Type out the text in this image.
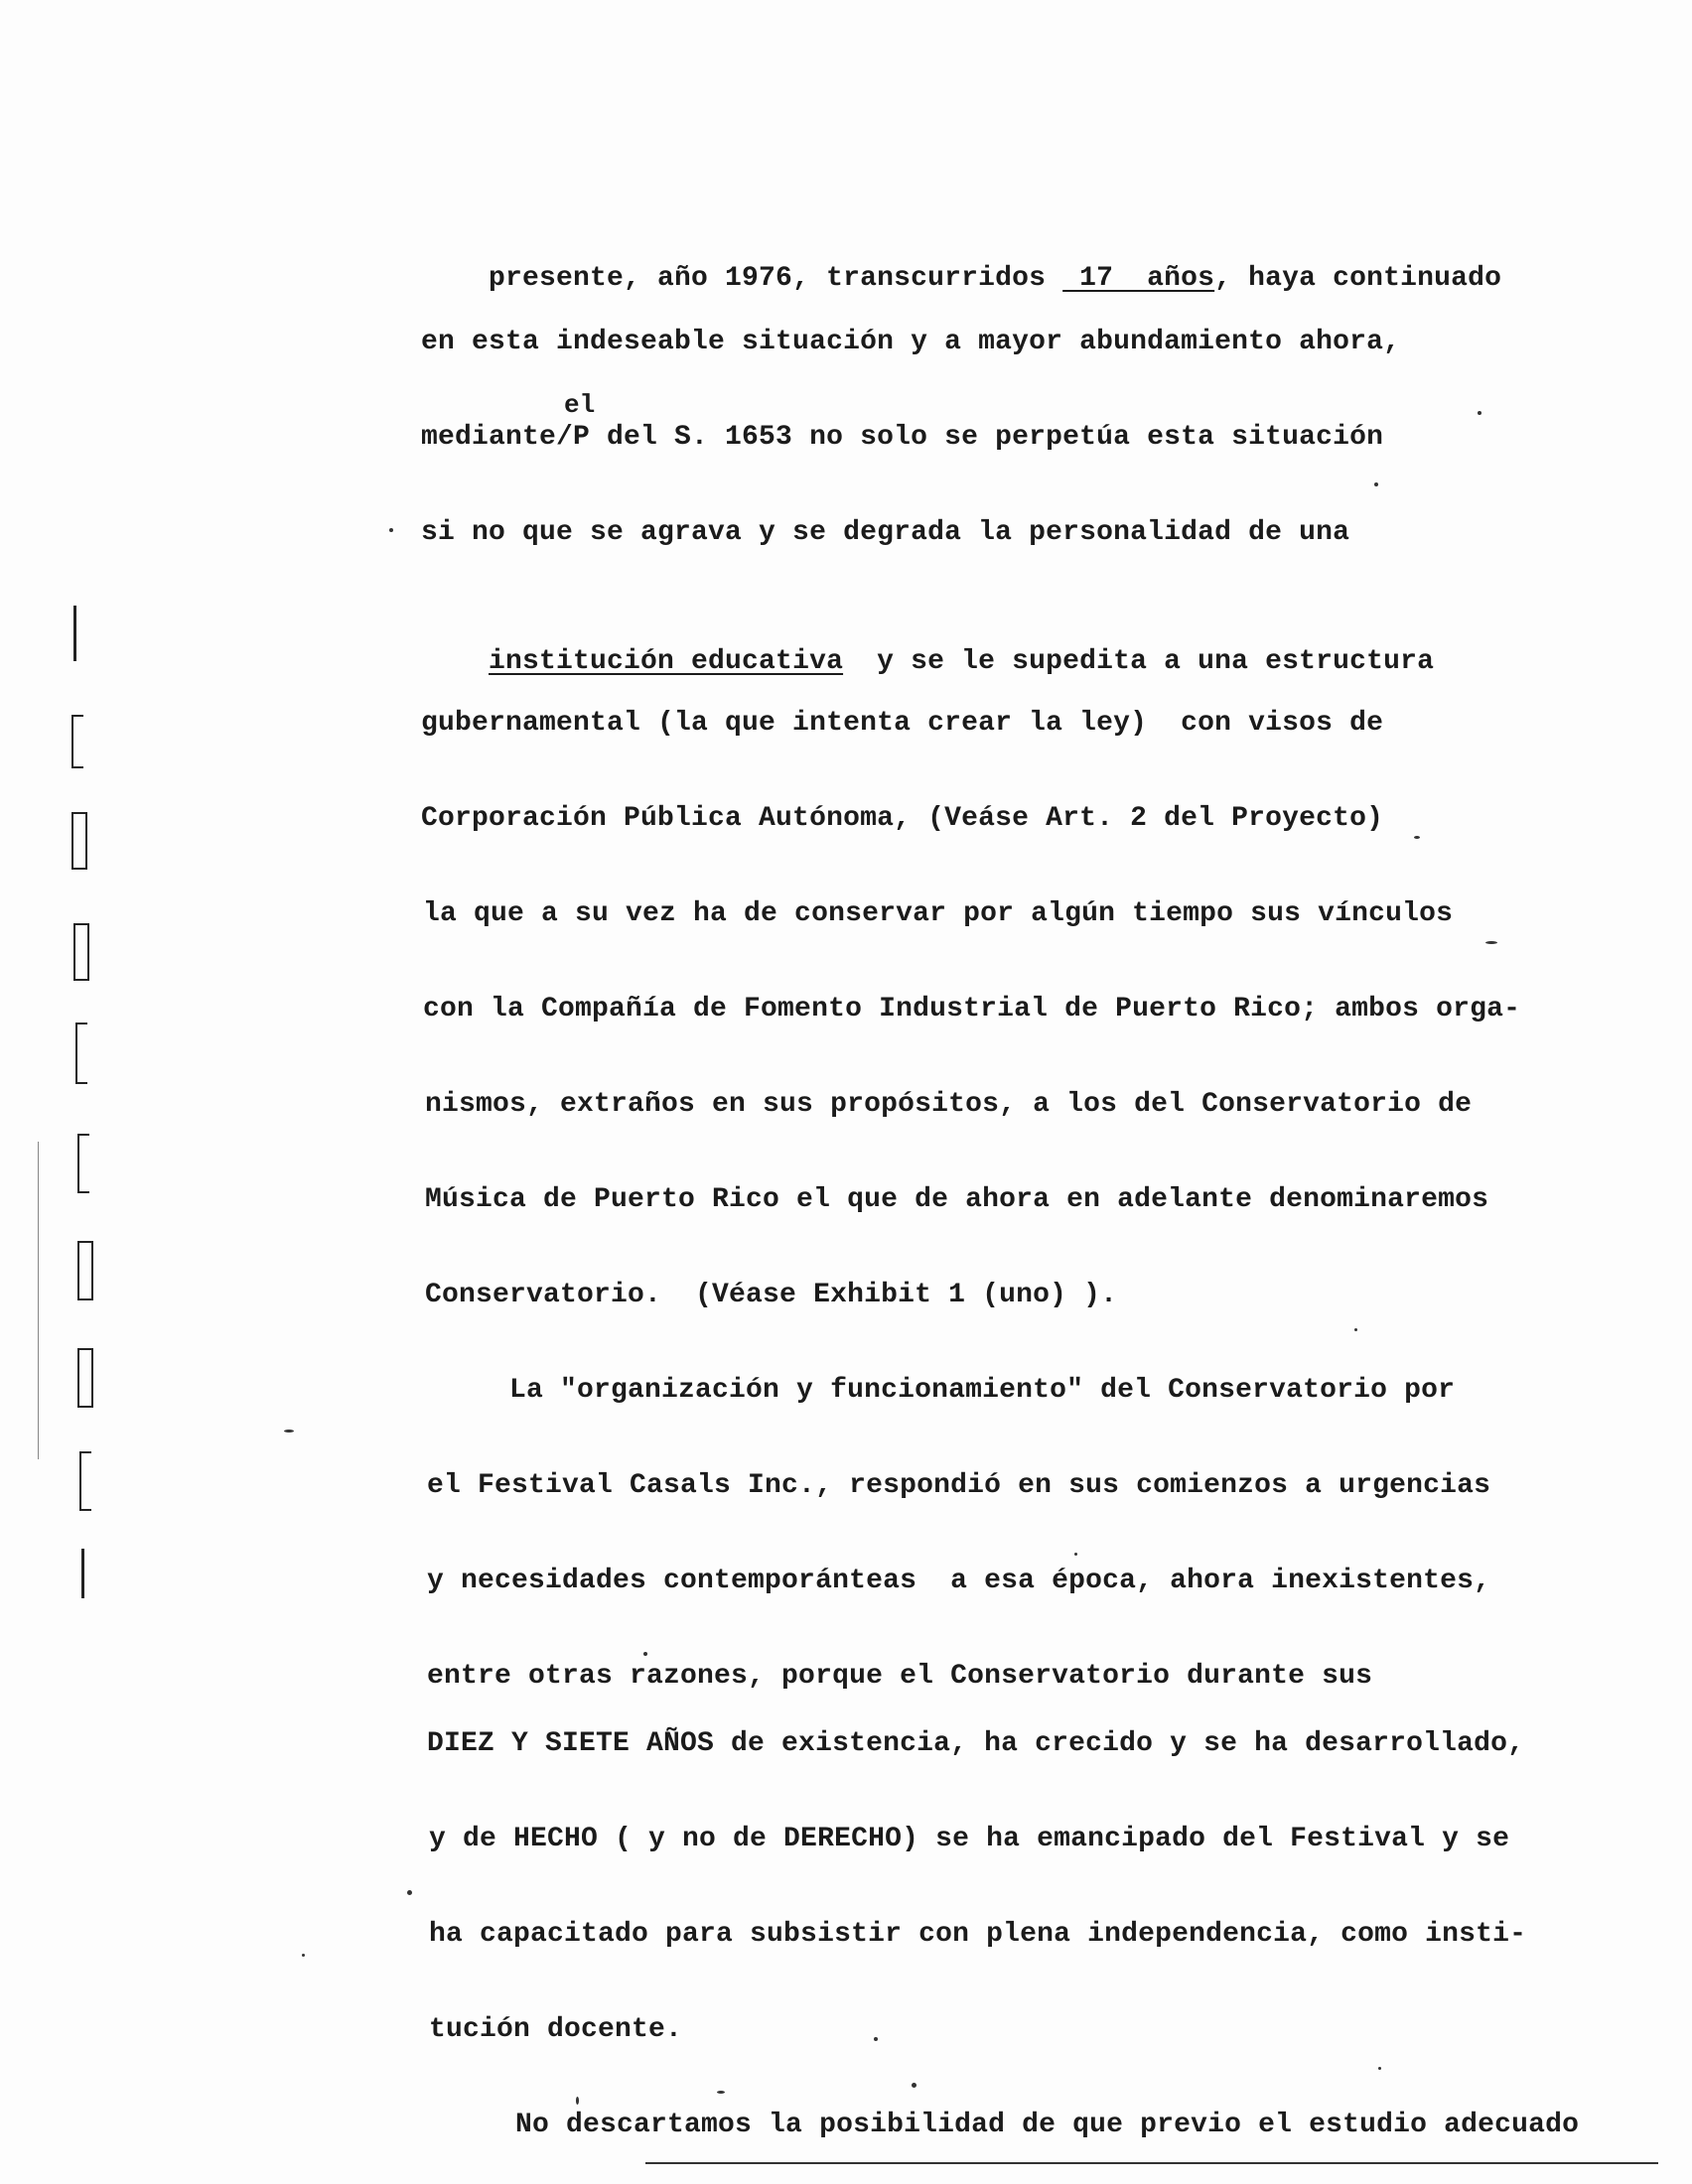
el

presente, año 1976, transcurridos  17  años, haya continuado

en esta indeseable situación y a mayor abundamiento ahora,
mediante/P del S. 1653 no solo se perpetúa esta situación
si no que se agrava y se degrada la personalidad de una

institución educativa  y se le supedita a una estructura

gubernamental (la que intenta crear la ley)  con visos de
Corporación Pública Autónoma, (Veáse Art. 2 del Proyecto)
la que a su vez ha de conservar por algún tiempo sus vínculos
con la Compañía de Fomento Industrial de Puerto Rico; ambos orga-
nismos, extraños en sus propósitos, a los del Conservatorio de
Música de Puerto Rico el que de ahora en adelante denominaremos
Conservatorio.  (Véase Exhibit 1 (uno) ).
La "organización y funcionamiento" del Conservatorio por
el Festival Casals Inc., respondió en sus comienzos a urgencias
y necesidades contemporánteas  a esa época, ahora inexistentes,
entre otras razones, porque el Conservatorio durante sus
DIEZ Y SIETE AÑOS de existencia, ha crecido y se ha desarrollado,
y de HECHO ( y no de DERECHO) se ha emancipado del Festival y se
ha capacitado para subsistir con plena independencia, como insti-
tución docente.
No descartamos la posibilidad de que previo el estudio adecuado
